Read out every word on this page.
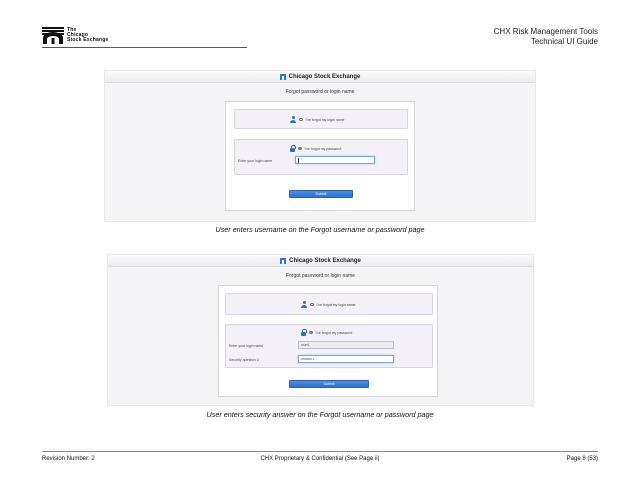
The
Chicago
Stock Exchange
CHX Risk Management Tools
Technical UI Guide
Chicago Stock Exchange
Forgot password or login name
I've forgot my login name
I've forgot my password
Enter your login name
Submit
User enters username on the Forgot username or password page
Chicago Stock Exchange
Forgot password or login name
I've forgot my login name
I've forgot my password
Enter your login name	user1
Security question 2	answer1
Submit
User enters security answer on the Forgot username or password page
Revision Number: 2	CHX Proprietary & Confidential (See Page ii)	Page 8 (53)
